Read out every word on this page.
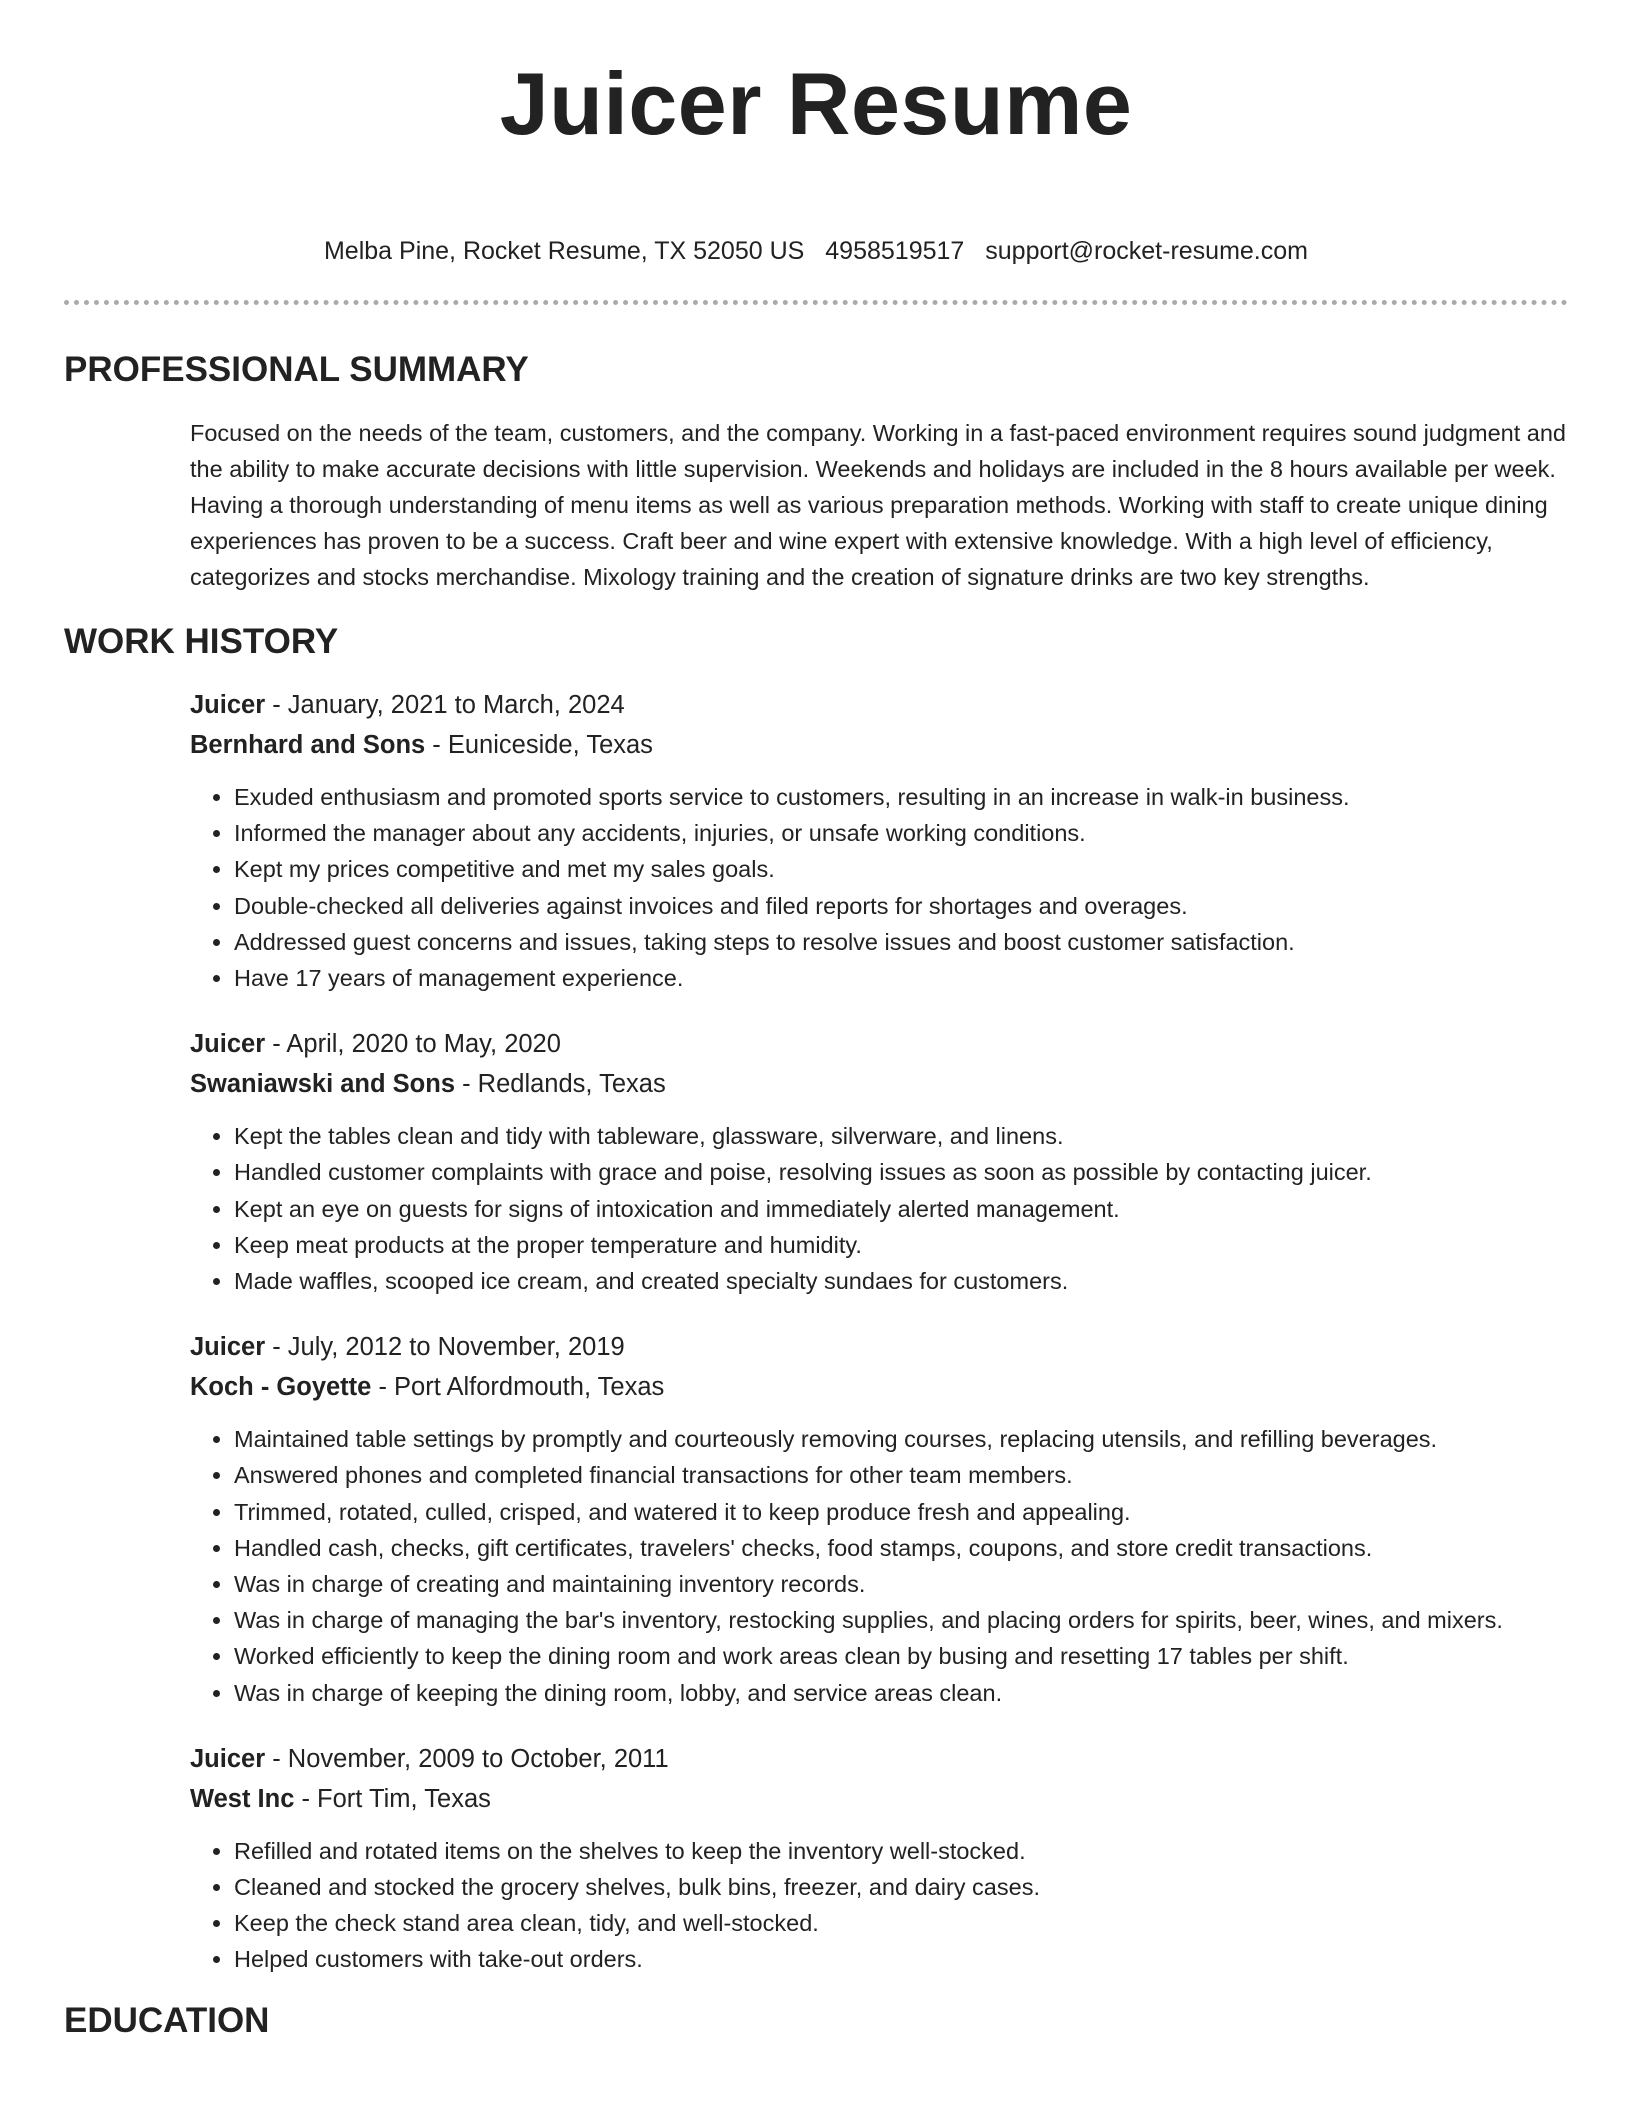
Juicer Resume
Melba Pine, Rocket Resume, TX 52050 US 4958519517 support@rocket-resume.com
PROFESSIONAL SUMMARY

Focused on the needs of the team, customers, and the company. Working in a fast-paced environment requires sound judgment and the ability to make accurate decisions with little supervision. Weekends and holidays are included in the 8 hours available per week. Having a thorough understanding of menu items as well as various preparation methods. Working with staff to create unique dining experiences has proven to be a success. Craft beer and wine expert with extensive knowledge. With a high level of efficiency, categorizes and stocks merchandise. Mixology training and the creation of signature drinks are two key strengths.

WORK HISTORY
Juicer - January, 2021 to March, 2024
Bernhard and Sons - Euniceside, Texas
• Exuded enthusiasm and promoted sports service to customers, resulting in an increase in walk-in business.
• Informed the manager about any accidents, injuries, or unsafe working conditions.
• Kept my prices competitive and met my sales goals.
• Double-checked all deliveries against invoices and filed reports for shortages and overages.
• Addressed guest concerns and issues, taking steps to resolve issues and boost customer satisfaction.
• Have 17 years of management experience.
Juicer - April, 2020 to May, 2020
Swaniawski and Sons - Redlands, Texas
• Kept the tables clean and tidy with tableware, glassware, silverware, and linens.
• Handled customer complaints with grace and poise, resolving issues as soon as possible by contacting juicer.
• Kept an eye on guests for signs of intoxication and immediately alerted management.
• Keep meat products at the proper temperature and humidity.
• Made waffles, scooped ice cream, and created specialty sundaes for customers.
Juicer - July, 2012 to November, 2019
Koch - Goyette - Port Alfordmouth, Texas
• Maintained table settings by promptly and courteously removing courses, replacing utensils, and refilling beverages.
• Answered phones and completed financial transactions for other team members.
• Trimmed, rotated, culled, crisped, and watered it to keep produce fresh and appealing.
• Handled cash, checks, gift certificates, travelers' checks, food stamps, coupons, and store credit transactions.
• Was in charge of creating and maintaining inventory records.
• Was in charge of managing the bar's inventory, restocking supplies, and placing orders for spirits, beer, wines, and mixers.
• Worked efficiently to keep the dining room and work areas clean by busing and resetting 17 tables per shift.
• Was in charge of keeping the dining room, lobby, and service areas clean.
Juicer - November, 2009 to October, 2011
West Inc - Fort Tim, Texas
• Refilled and rotated items on the shelves to keep the inventory well-stocked.
• Cleaned and stocked the grocery shelves, bulk bins, freezer, and dairy cases.
• Keep the check stand area clean, tidy, and well-stocked.
• Helped customers with take-out orders.
EDUCATION
